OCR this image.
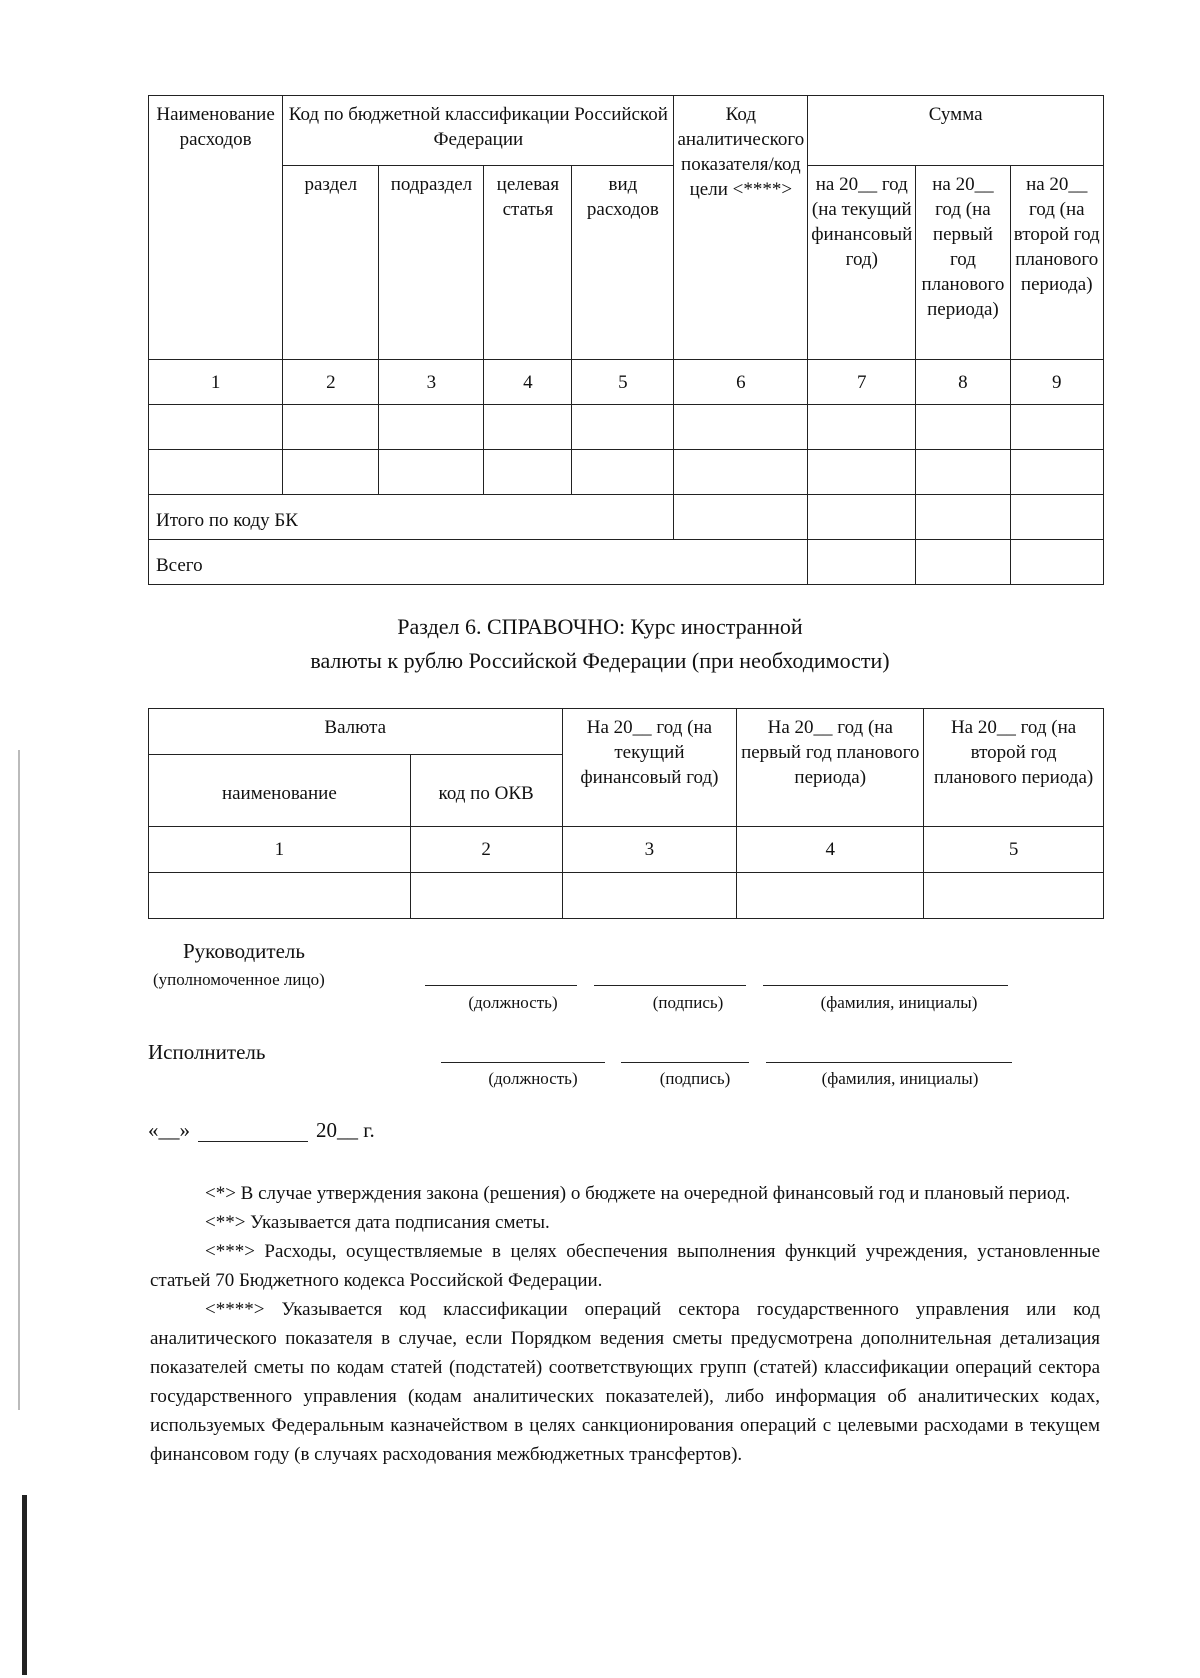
Наименование расходов	Код по бюджетной классификации Российской Федерации				Код аналитического показателя/код цели <****>	Сумма		
	раздел	подраздел	целевая статья	вид расходов		на 20__ год (на текущий финансовый год)	на 20__ год (на первый год планового периода)	на 20__ год (на второй год планового периода)
1	2	3	4	5	6	7	8	9

Итого по коду БК								
Всего								
Раздел 6. СПРАВОЧНО: Курс иностранной
валюты к рублю Российской Федерации (при необходимости)
Валюта		На 20__ год (на текущий финансовый год)	На 20__ год (на первый год планового периода)	На 20__ год (на второй год планового периода)
наименование	код по ОКВ			
1	2	3	4	5

Руководитель
(уполномоченное лицо)
(должность)	(подпись)	(фамилия, инициалы)
Исполнитель
(должность)	(подпись)	(фамилия, инициалы)
«__»	20__ г.

<*> В случае утверждения закона (решения) о бюджете на очередной финансовый год и плановый период.

<**> Указывается дата подписания сметы.

<***> Расходы, осуществляемые в целях обеспечения выполнения функций учреждения, установленные статьей 70 Бюджетного кодекса Российской Федерации.

<****> Указывается код классификации операций сектора государственного управления или код аналитического показателя в случае, если Порядком ведения сметы предусмотрена дополнительная детализация показателей сметы по кодам статей (подстатей) соответствующих групп (статей) классификации операций сектора государственного управления (кодам аналитических показателей), либо информация об аналитических кодах, используемых Федеральным казначейством в целях санкционирования операций с целевыми расходами в текущем финансовом году (в случаях расходования межбюджетных трансфертов).
